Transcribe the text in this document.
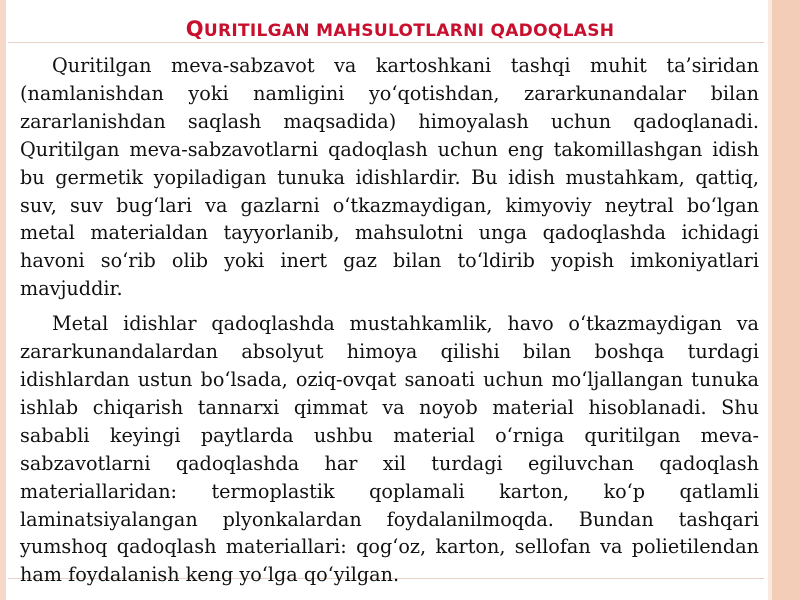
QURITILGAN MAHSULOTLARNI QADOQLASH

Quritilgan meva-sabzavot va kartoshkani tashqi muhit ta’siridan (namlanishdan yoki namligini yo‘qotishdan, zararkunandalar bilan zararlanishdan saqlash maqsadida) himoyalash uchun qadoqlanadi. Quritilgan meva-sabzavotlarni qadoqlash uchun eng takomillashgan idish bu germetik yopiladigan tunuka idishlardir. Bu idish mustahkam, qattiq, suv, suv bug‘lari va gazlarni o‘tkazmaydigan, kimyoviy neytral bo‘lgan metal materialdan tayyorlanib, mahsulotni unga qadoqlashda ichidagi havoni so‘rib olib yoki inert gaz bilan to‘ldirib yopish imkoniyatlari mavjuddir.

Metal idishlar qadoqlashda mustahkamlik, havo o‘tkazmaydigan va zararkunandalardan absolyut himoya qilishi bilan boshqa turdagi idishlardan ustun bo‘lsada, oziq-ovqat sanoati uchun mo‘ljallangan tunuka ishlab chiqarish tannarxi qimmat va noyob material hisoblanadi. Shu sababli keyingi paytlarda ushbu material o‘rniga quritilgan meva-sabzavotlarni qadoqlashda har xil turdagi egiluvchan qadoqlash materiallaridan: termoplastik qoplamali karton, ko‘p qatlamli laminatsiyalangan plyonkalardan foydalanilmoqda. Bundan tashqari yumshoq qadoqlash materiallari: qog‘oz, karton, sellofan va polietilendan ham foydalanish keng yo‘lga qo‘yilgan.
